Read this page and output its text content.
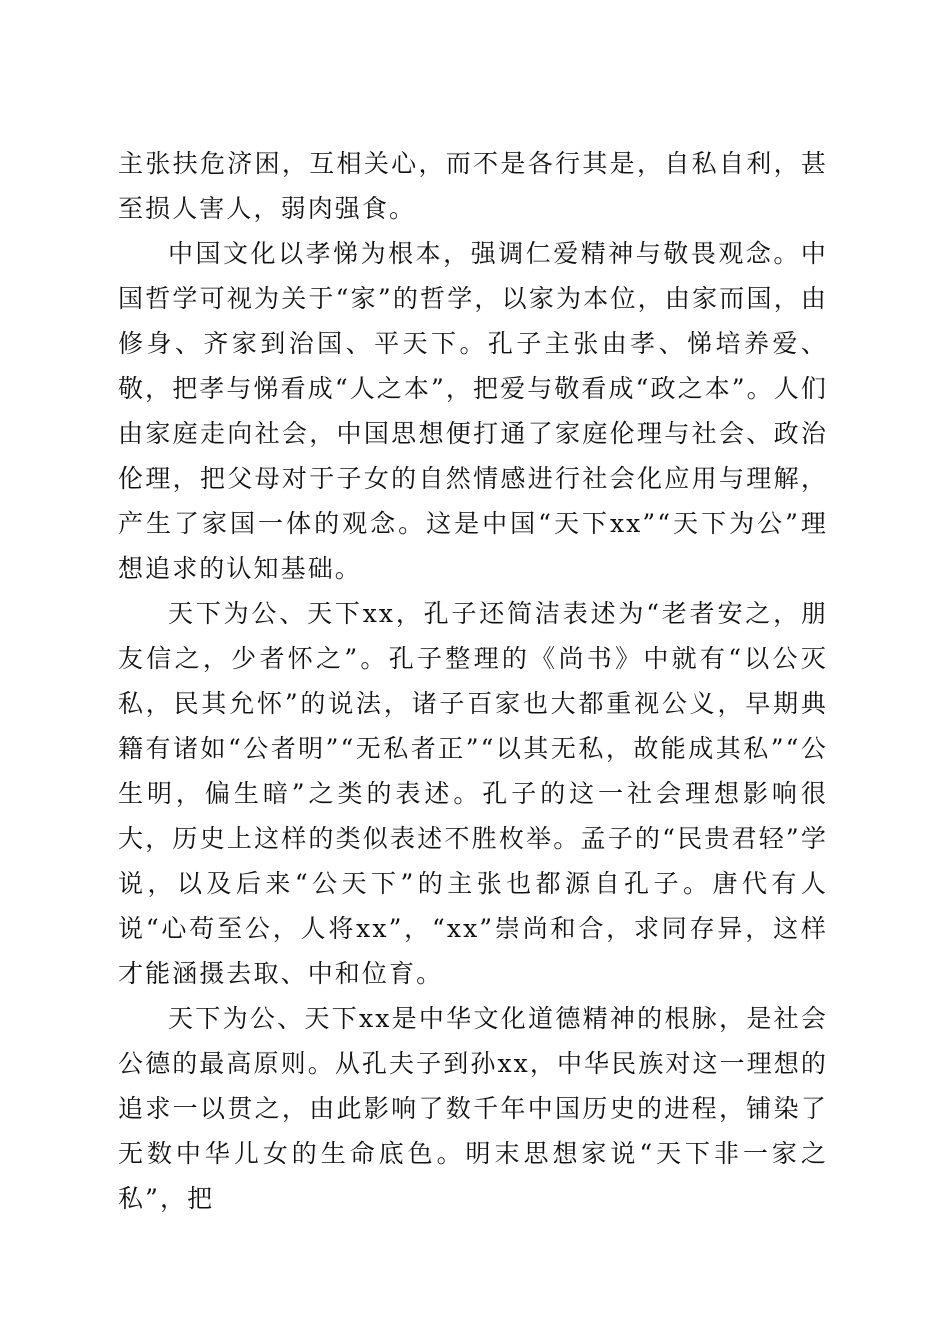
主张扶危济困，互相关心，而不是各行其是，自私自利，甚至损人害人，弱肉强食。

中国文化以孝悌为根本，强调仁爱精神与敬畏观念。中国哲学可视为关于“家”的哲学，以家为本位，由家而国，由修身、齐家到治国、平天下。孔子主张由孝、悌培养爱、敬，把孝与悌看成“人之本”，把爱与敬看成“政之本”。人们由家庭走向社会，中国思想便打通了家庭伦理与社会、政治伦理，把父母对于子女的自然情感进行社会化应用与理解，产生了家国一体的观念。这是中国“天下xx”“天下为公”理想追求的认知基础。

天下为公、天下xx，孔子还简洁表述为“老者安之，朋友信之，少者怀之”。孔子整理的《尚书》中就有“以公灭私，民其允怀”的说法，诸子百家也大都重视公义，早期典籍有诸如“公者明”“无私者正”“以其无私，故能成其私”“公生明，偏生暗”之类的表述。孔子的这一社会理想影响很大，历史上这样的类似表述不胜枚举。孟子的“民贵君轻”学说，以及后来“公天下”的主张也都源自孔子。唐代有人说“心苟至公，人将xx”，“xx”崇尚和合，求同存异，这样才能涵摄去取、中和位育。

天下为公、天下xx是中华文化道德精神的根脉，是社会公德的最高原则。从孔夫子到孙xx，中华民族对这一理想的追求一以贯之，由此影响了数千年中国历史的进程，铺染了无数中华儿女的生命底色。明末思想家说“天下非一家之私”，把
